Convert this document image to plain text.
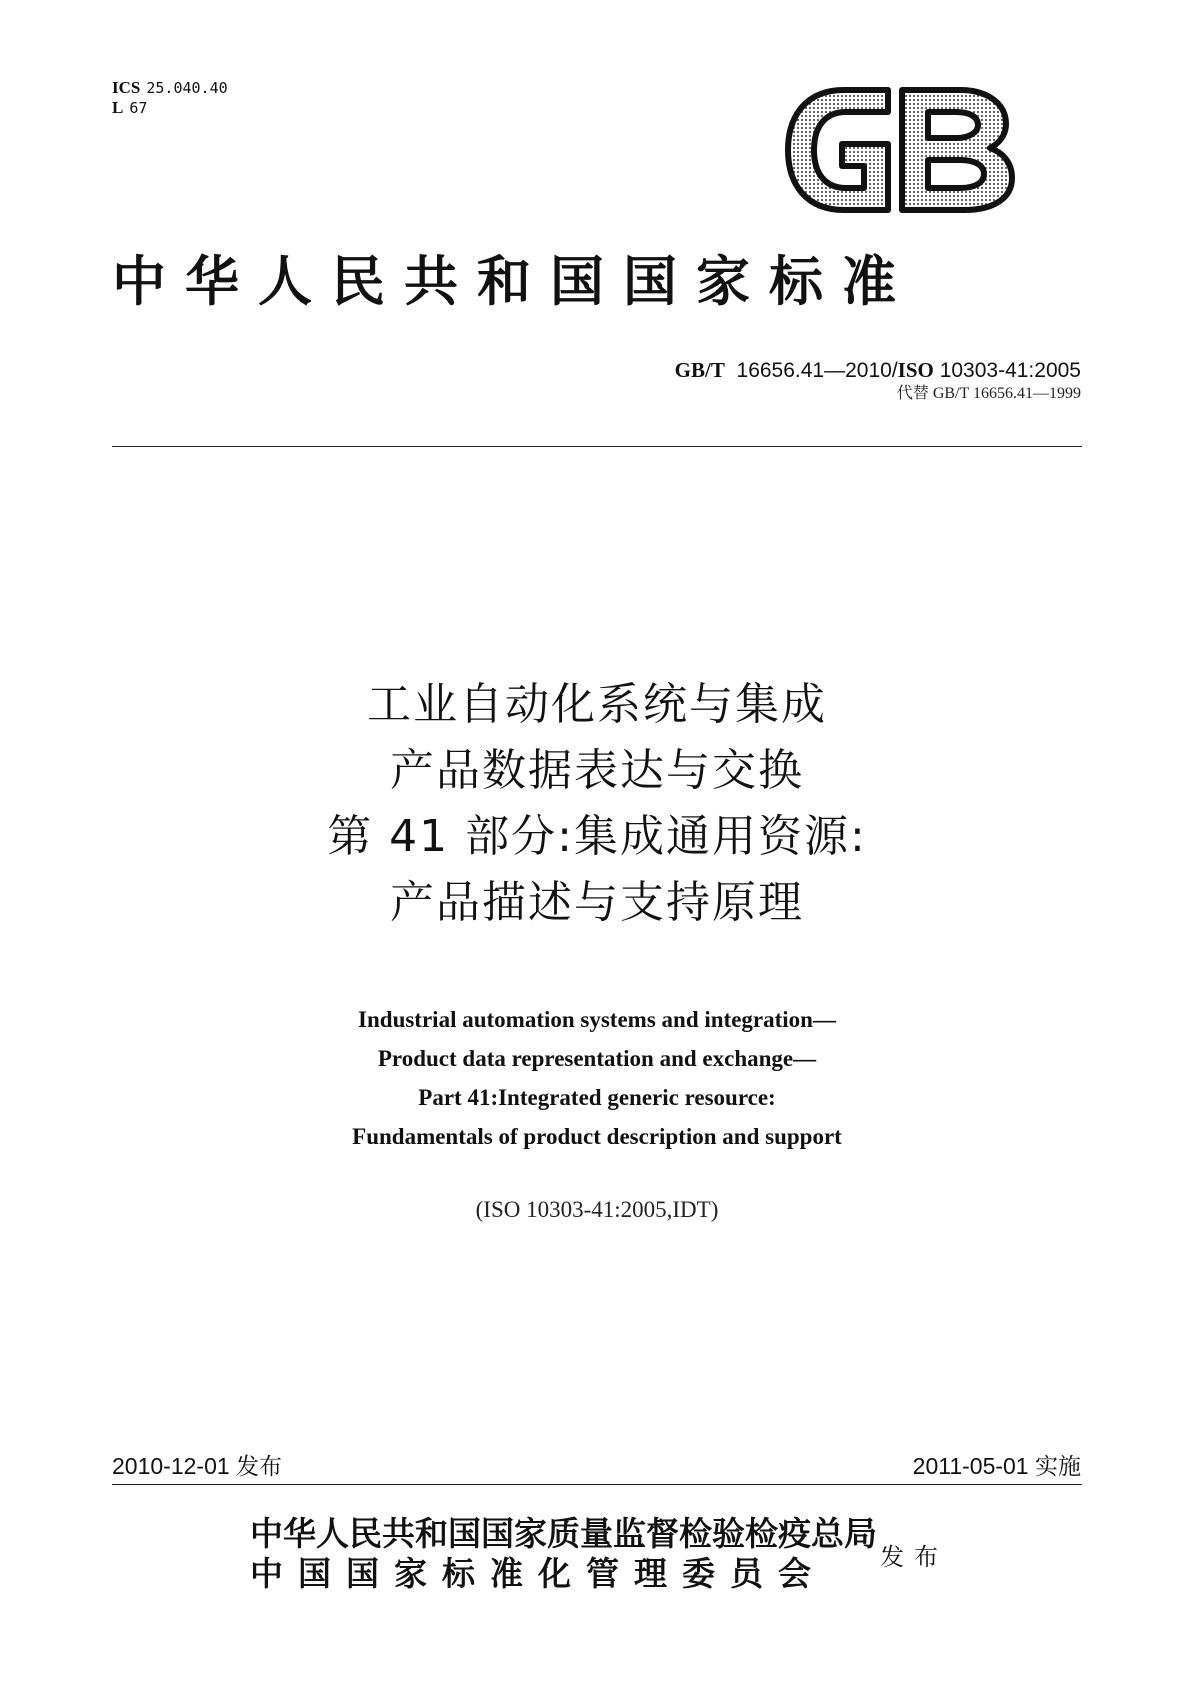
ICS 25.040.40
L 67
中华人民共和国国家标准
GB/T 16656.41—2010/ISO 10303-41:2005
代替 GB/T 16656.41—1999
工业自动化系统与集成
产品数据表达与交换
第 41 部分:集成通用资源:
产品描述与支持原理
Industrial automation systems and integration—
Product data representation and exchange—
Part 41:Integrated generic resource:
Fundamentals of product description and support
(ISO 10303-41:2005,IDT)
2010-12-01 发布	2011-05-01 实施
中华人民共和国国家质量监督检验检疫总局
中国国家标准化管理委员会	发布
